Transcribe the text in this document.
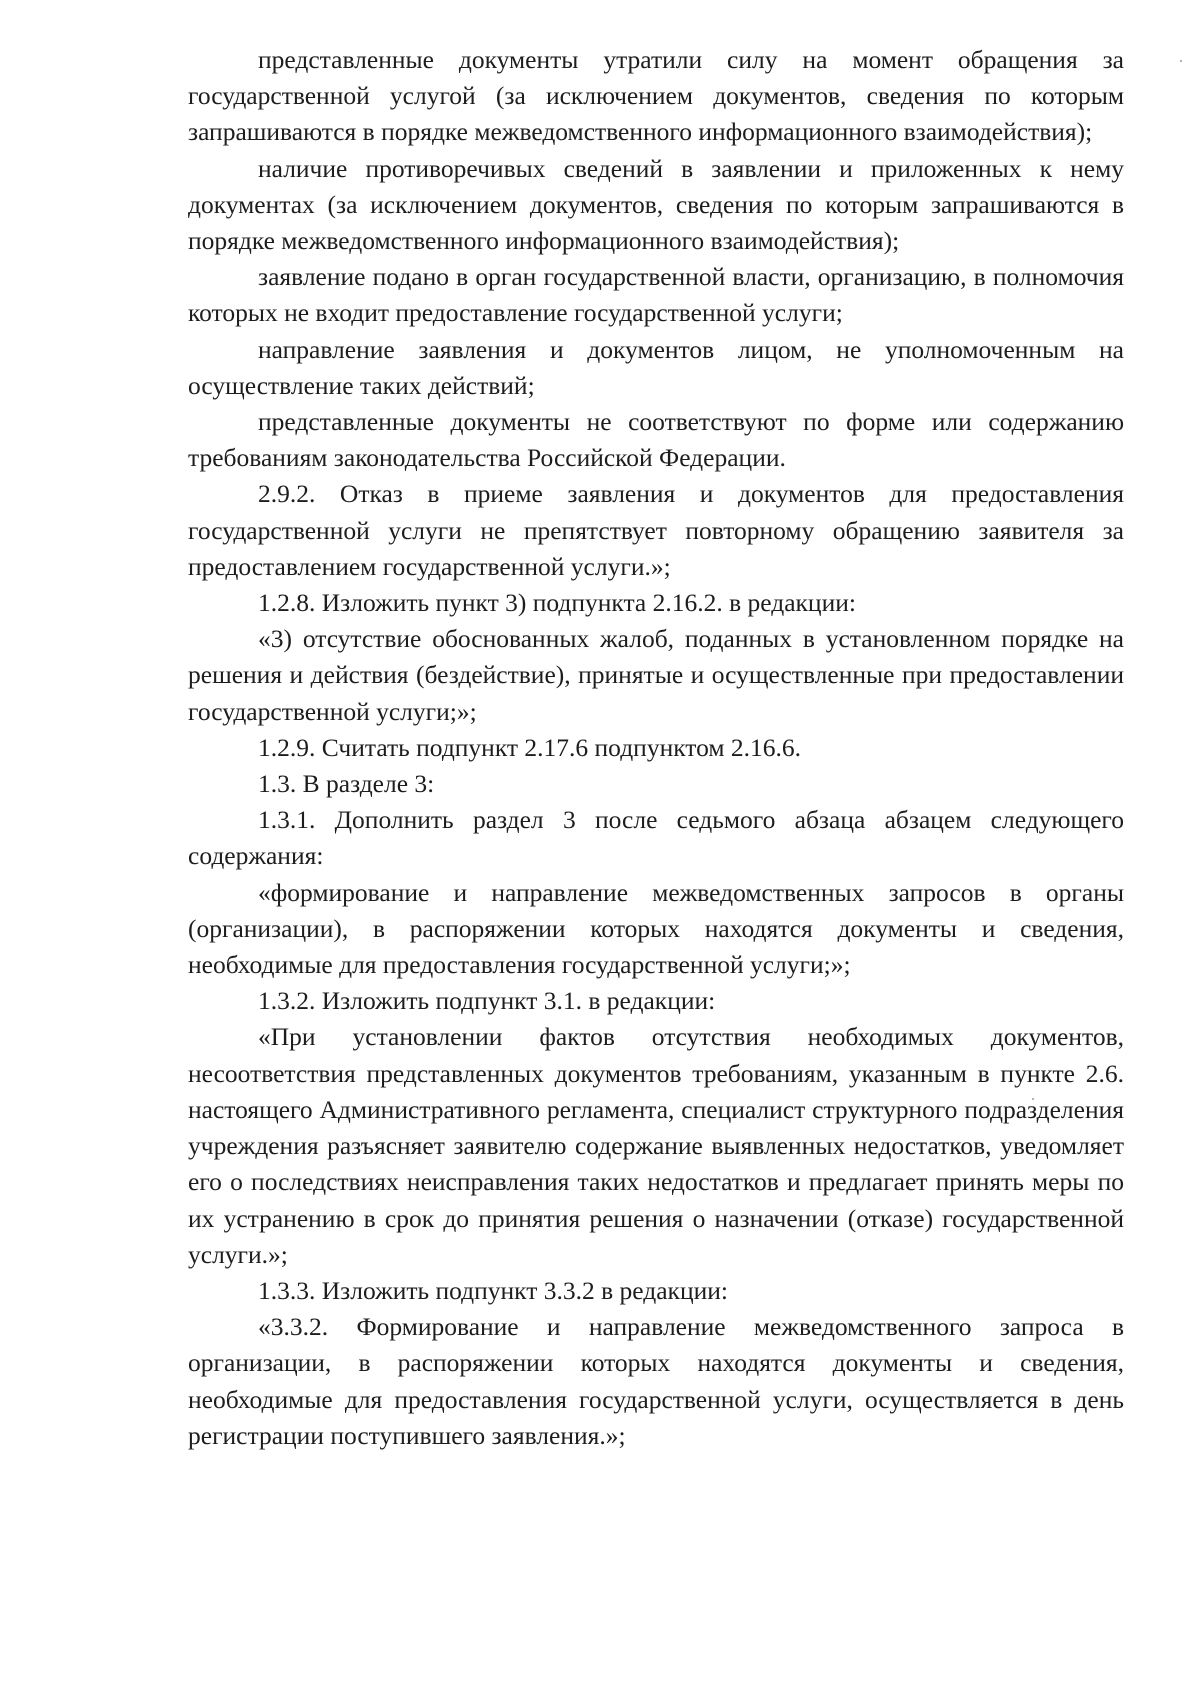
представленные документы утратили силу на момент обращения за государственной услугой (за исключением документов, сведения по которым запрашиваются в порядке межведомственного информационного взаимодействия);

наличие противоречивых сведений в заявлении и приложенных к нему документах (за исключением документов, сведения по которым запрашиваются в порядке межведомственного информационного взаимодействия);

заявление подано в орган государственной власти, организацию, в полномочия которых не входит предоставление государственной услуги;

направление заявления и документов лицом, не уполномоченным на осуществление таких действий;

представленные документы не соответствуют по форме или содержанию требованиям законодательства Российской Федерации.

2.9.2. Отказ в приеме заявления и документов для предоставления государственной услуги не препятствует повторному обращению заявителя за предоставлением государственной услуги.»;

1.2.8. Изложить пункт 3) подпункта 2.16.2. в редакции:

«3) отсутствие обоснованных жалоб, поданных в установленном порядке на решения и действия (бездействие), принятые и осуществленные при предоставлении государственной услуги;»;

1.2.9. Считать подпункт 2.17.6 подпунктом 2.16.6.

1.3. В разделе 3:

1.3.1. Дополнить раздел 3 после седьмого абзаца абзацем следующего содержания:

«формирование и направление межведомственных запросов в органы (организации), в распоряжении которых находятся документы и сведения, необходимые для предоставления государственной услуги;»;

1.3.2. Изложить подпункт 3.1. в редакции:

«При установлении фактов отсутствия необходимых документов, несоответствия представленных документов требованиям, указанным в пункте 2.6. настоящего Административного регламента, специалист структурного подразделения учреждения разъясняет заявителю содержание выявленных недостатков, уведомляет его о последствиях неисправления таких недостатков и предлагает принять меры по их устранению в срок до принятия решения о назначении (отказе) государственной услуги.»;

1.3.3. Изложить подпункт 3.3.2 в редакции:

«3.3.2. Формирование и направление межведомственного запроса в организации, в распоряжении которых находятся документы и сведения, необходимые для предоставления государственной услуги, осуществляется в день регистрации поступившего заявления.»;
